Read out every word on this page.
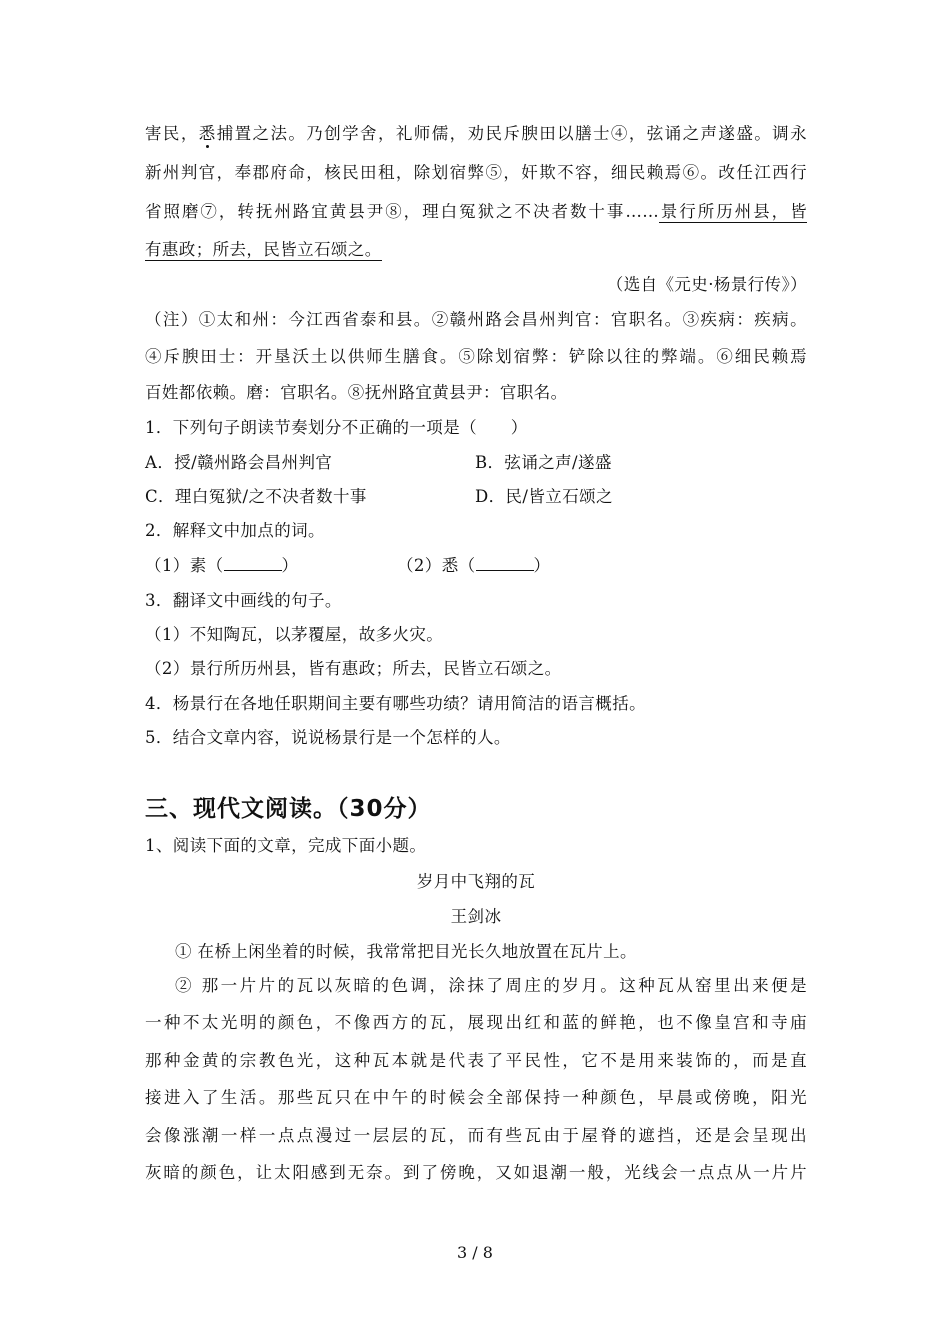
害民，悉捕置之法。乃创学舍，礼师儒，劝民斥腴田以膳士④，弦诵之声遂盛。调永
新州判官，奉郡府命，核民田租，除划宿弊⑤，奸欺不容，细民赖焉⑥。改任江西行
省照磨⑦，转抚州路宜黄县尹⑧，理白冤狱之不决者数十事……景行所历州县，皆
有惠政；所去，民皆立石颂之。
（选自《元史·杨景行传》）
（注）①太和州：今江西省泰和县。②赣州路会昌州判官：官职名。③疾病：疾病。
④斥腴田士：开垦沃土以供师生膳食。⑤除划宿弊：铲除以往的弊端。⑥细民赖焉
百姓都依赖。磨：官职名。⑧抚州路宜黄县尹：官职名。
1．下列句子朗读节奏划分不正确的一项是（　　）
A．授/赣州路会昌州判官	B．弦诵之声/遂盛
C．理白冤狱/之不决者数十事	D．民/皆立石颂之
2．解释文中加点的词。
（1）素（	）	（2）悉（	）
3．翻译文中画线的句子。
（1）不知陶瓦，以茅覆屋，故多火灾。
（2）景行所历州县，皆有惠政；所去，民皆立石颂之。
4．杨景行在各地任职期间主要有哪些功绩？请用简洁的语言概括。
5．结合文章内容，说说杨景行是一个怎样的人。
三、现代文阅读。（30分）
1、阅读下面的文章，完成下面小题。
岁月中飞翔的瓦
王剑冰
① 在桥上闲坐着的时候，我常常把目光长久地放置在瓦片上。
② 那一片片的瓦以灰暗的色调，涂抹了周庄的岁月。这种瓦从窑里出来便是
一种不太光明的颜色，不像西方的瓦，展现出红和蓝的鲜艳，也不像皇宫和寺庙
那种金黄的宗教色光，这种瓦本就是代表了平民性，它不是用来装饰的，而是直
接进入了生活。那些瓦只在中午的时候会全部保持一种颜色，早晨或傍晚，阳光
会像涨潮一样一点点漫过一层层的瓦，而有些瓦由于屋脊的遮挡，还是会呈现出
灰暗的颜色，让太阳感到无奈。到了傍晚，又如退潮一般，光线会一点点从一片片
3 / 8
